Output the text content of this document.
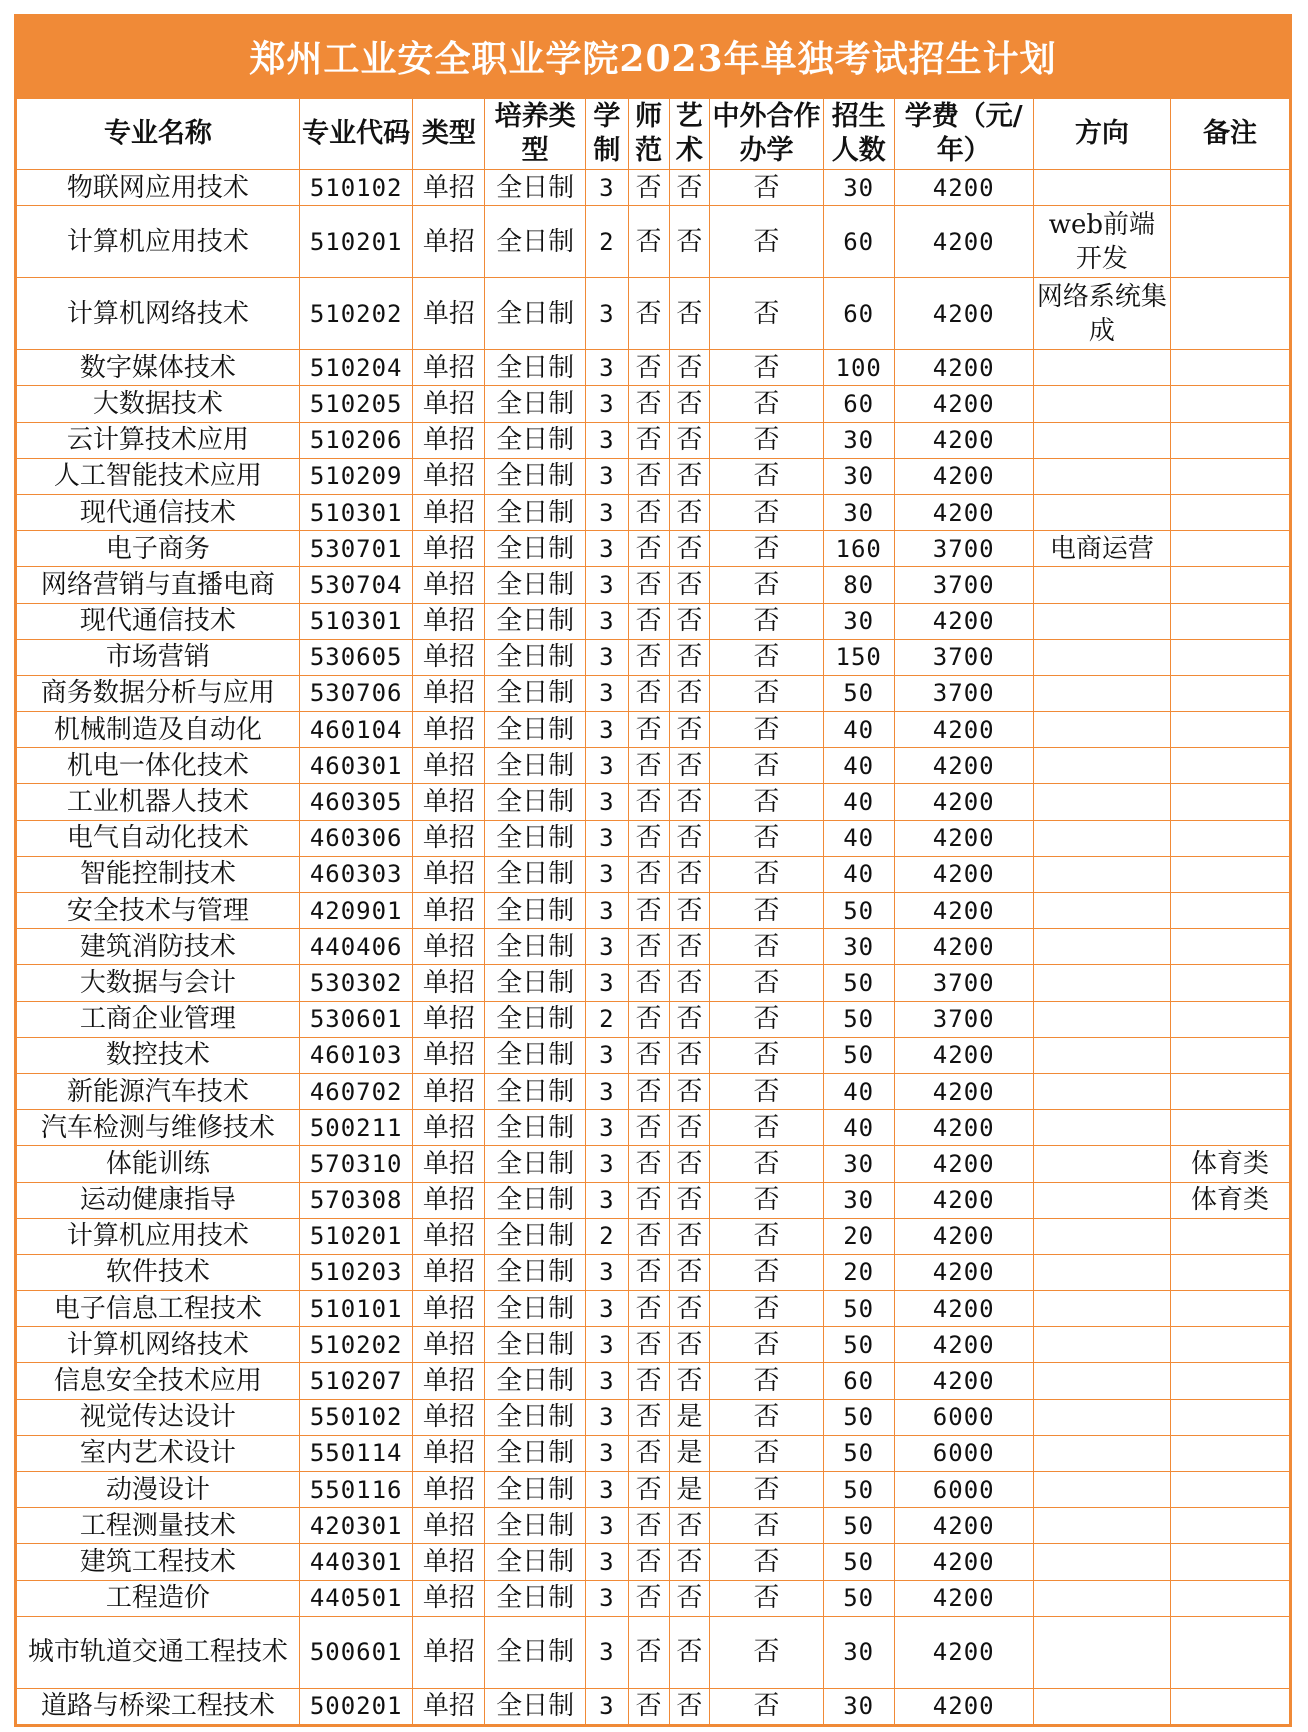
郑州工业安全职业学院2023年单独考试招生计划
专业名称	专业代码	类型	培养类型	学制	师范	艺术	中外合作办学	招生人数	学费（元/年）	方向	备注
物联网应用技术	510102	单招	全日制	3	否	否	否	30	4200		
计算机应用技术	510201	单招	全日制	2	否	否	否	60	4200	web前端开发	
计算机网络技术	510202	单招	全日制	3	否	否	否	60	4200	网络系统集成	
数字媒体技术	510204	单招	全日制	3	否	否	否	100	4200		
大数据技术	510205	单招	全日制	3	否	否	否	60	4200		
云计算技术应用	510206	单招	全日制	3	否	否	否	30	4200		
人工智能技术应用	510209	单招	全日制	3	否	否	否	30	4200		
现代通信技术	510301	单招	全日制	3	否	否	否	30	4200		
电子商务	530701	单招	全日制	3	否	否	否	160	3700	电商运营	
网络营销与直播电商	530704	单招	全日制	3	否	否	否	80	3700		
现代通信技术	510301	单招	全日制	3	否	否	否	30	4200		
市场营销	530605	单招	全日制	3	否	否	否	150	3700		
商务数据分析与应用	530706	单招	全日制	3	否	否	否	50	3700		
机械制造及自动化	460104	单招	全日制	3	否	否	否	40	4200		
机电一体化技术	460301	单招	全日制	3	否	否	否	40	4200		
工业机器人技术	460305	单招	全日制	3	否	否	否	40	4200		
电气自动化技术	460306	单招	全日制	3	否	否	否	40	4200		
智能控制技术	460303	单招	全日制	3	否	否	否	40	4200		
安全技术与管理	420901	单招	全日制	3	否	否	否	50	4200		
建筑消防技术	440406	单招	全日制	3	否	否	否	30	4200		
大数据与会计	530302	单招	全日制	3	否	否	否	50	3700		
工商企业管理	530601	单招	全日制	2	否	否	否	50	3700		
数控技术	460103	单招	全日制	3	否	否	否	50	4200		
新能源汽车技术	460702	单招	全日制	3	否	否	否	40	4200		
汽车检测与维修技术	500211	单招	全日制	3	否	否	否	40	4200		
体能训练	570310	单招	全日制	3	否	否	否	30	4200		体育类
运动健康指导	570308	单招	全日制	3	否	否	否	30	4200		体育类
计算机应用技术	510201	单招	全日制	2	否	否	否	20	4200		
软件技术	510203	单招	全日制	3	否	否	否	20	4200		
电子信息工程技术	510101	单招	全日制	3	否	否	否	50	4200		
计算机网络技术	510202	单招	全日制	3	否	否	否	50	4200		
信息安全技术应用	510207	单招	全日制	3	否	否	否	60	4200		
视觉传达设计	550102	单招	全日制	3	否	是	否	50	6000		
室内艺术设计	550114	单招	全日制	3	否	是	否	50	6000		
动漫设计	550116	单招	全日制	3	否	是	否	50	6000		
工程测量技术	420301	单招	全日制	3	否	否	否	50	4200		
建筑工程技术	440301	单招	全日制	3	否	否	否	50	4200		
工程造价	440501	单招	全日制	3	否	否	否	50	4200		
城市轨道交通工程技术	500601	单招	全日制	3	否	否	否	30	4200		
道路与桥梁工程技术	500201	单招	全日制	3	否	否	否	30	4200		
